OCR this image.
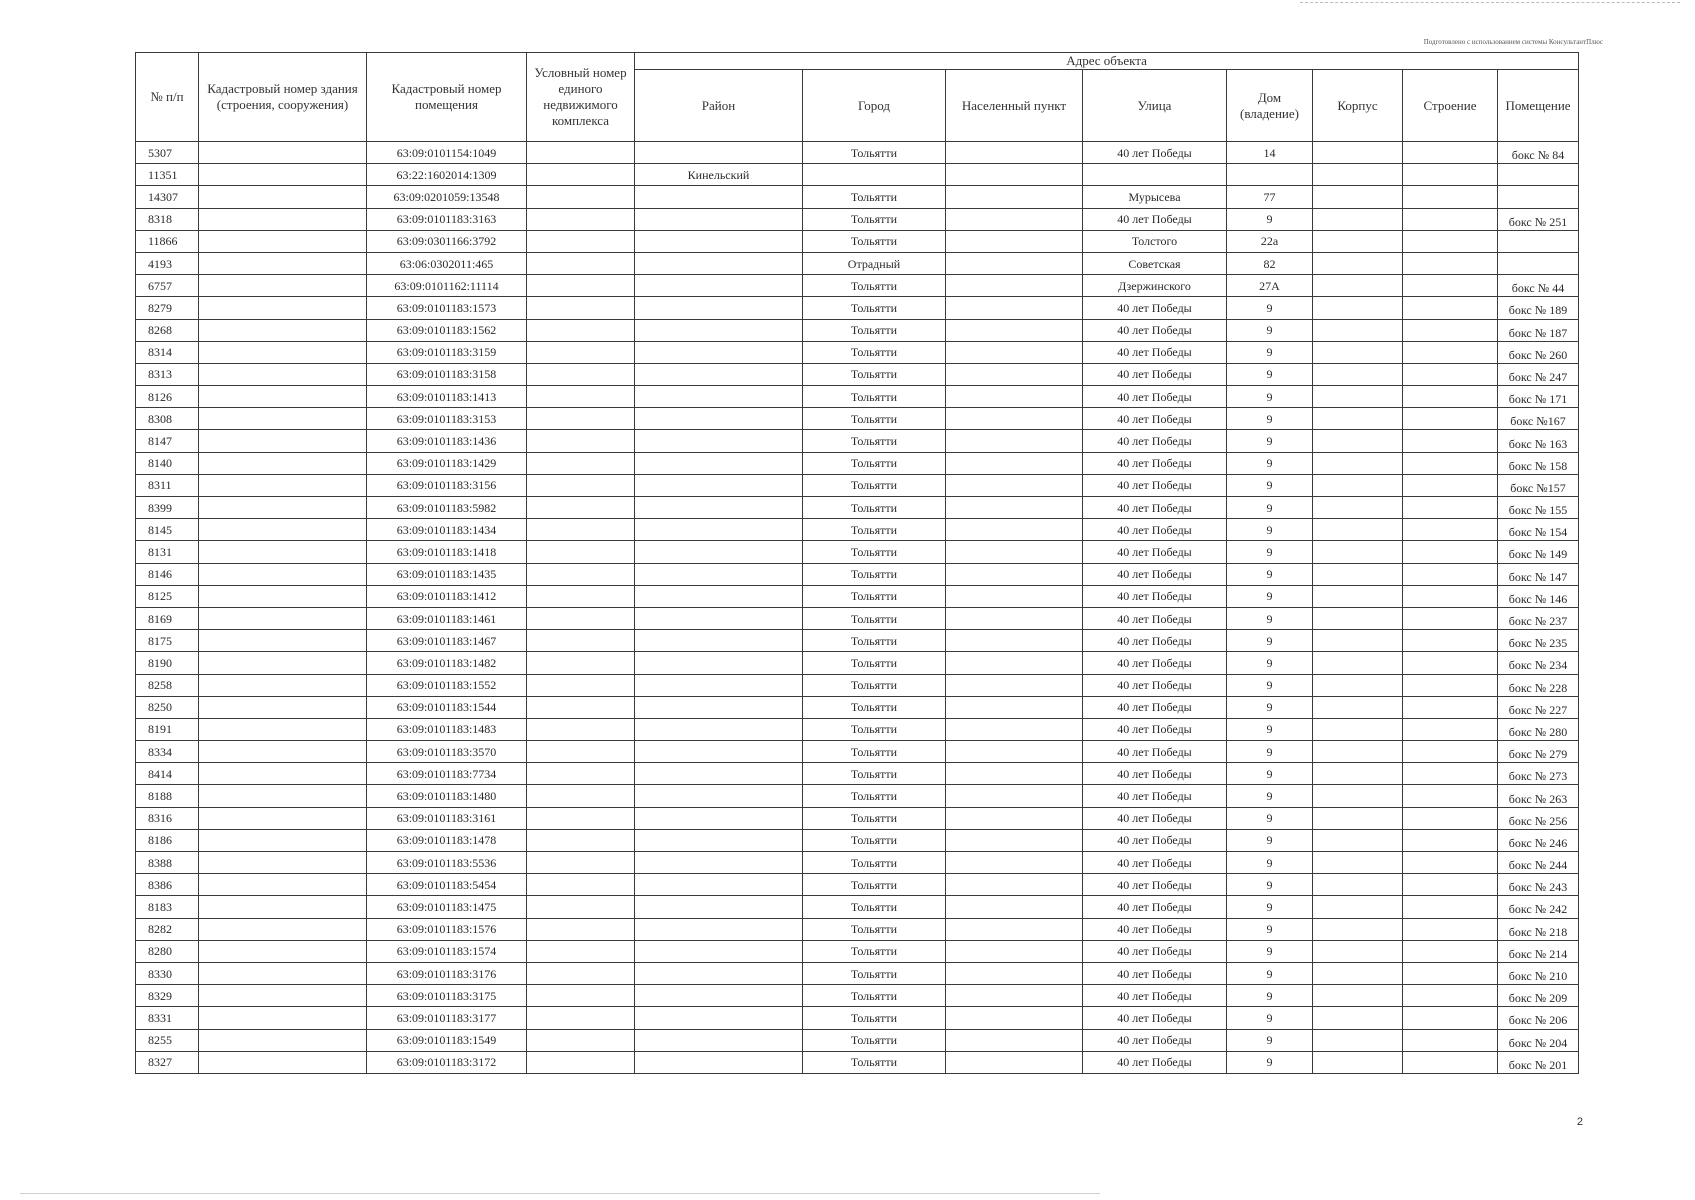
Подготовлено с использованием системы КонсультантПлюс
№ п/п	Кадастровый номер здания (строения, сооружения)	Кадастровый номер помещения	Условный номер единого недвижимого комплекса	Адрес объекта							
				Район	Город	Населенный пункт	Улица	Дом (владение)	Корпус	Строение	Помещение
5307		63:09:0101154:1049			Тольятти		40 лет Победы	14			бокс № 84
11351		63:22:1602014:1309		Кинельский							
14307		63:09:0201059:13548			Тольятти		Мурысева	77			
8318		63:09:0101183:3163			Тольятти		40 лет Победы	9			бокс № 251
11866		63:09:0301166:3792			Тольятти		Толстого	22а			
4193		63:06:0302011:465			Отрадный		Советская	82			
6757		63:09:0101162:11114			Тольятти		Дзержинского	27А			бокс № 44
8279		63:09:0101183:1573			Тольятти		40 лет Победы	9			бокс № 189
8268		63:09:0101183:1562			Тольятти		40 лет Победы	9			бокс № 187
8314		63:09:0101183:3159			Тольятти		40 лет Победы	9			бокс № 260
8313		63:09:0101183:3158			Тольятти		40 лет Победы	9			бокс № 247
8126		63:09:0101183:1413			Тольятти		40 лет Победы	9			бокс № 171
8308		63:09:0101183:3153			Тольятти		40 лет Победы	9			бокс №167
8147		63:09:0101183:1436			Тольятти		40 лет Победы	9			бокс № 163
8140		63:09:0101183:1429			Тольятти		40 лет Победы	9			бокс № 158
8311		63:09:0101183:3156			Тольятти		40 лет Победы	9			бокс №157
8399		63:09:0101183:5982			Тольятти		40 лет Победы	9			бокс № 155
8145		63:09:0101183:1434			Тольятти		40 лет Победы	9			бокс № 154
8131		63:09:0101183:1418			Тольятти		40 лет Победы	9			бокс № 149
8146		63:09:0101183:1435			Тольятти		40 лет Победы	9			бокс № 147
8125		63:09:0101183:1412			Тольятти		40 лет Победы	9			бокс № 146
8169		63:09:0101183:1461			Тольятти		40 лет Победы	9			бокс № 237
8175		63:09:0101183:1467			Тольятти		40 лет Победы	9			бокс № 235
8190		63:09:0101183:1482			Тольятти		40 лет Победы	9			бокс № 234
8258		63:09:0101183:1552			Тольятти		40 лет Победы	9			бокс № 228
8250		63:09:0101183:1544			Тольятти		40 лет Победы	9			бокс № 227
8191		63:09:0101183:1483			Тольятти		40 лет Победы	9			бокс № 280
8334		63:09:0101183:3570			Тольятти		40 лет Победы	9			бокс № 279
8414		63:09:0101183:7734			Тольятти		40 лет Победы	9			бокс № 273
8188		63:09:0101183:1480			Тольятти		40 лет Победы	9			бокс № 263
8316		63:09:0101183:3161			Тольятти		40 лет Победы	9			бокс № 256
8186		63:09:0101183:1478			Тольятти		40 лет Победы	9			бокс № 246
8388		63:09:0101183:5536			Тольятти		40 лет Победы	9			бокс № 244
8386		63:09:0101183:5454			Тольятти		40 лет Победы	9			бокс № 243
8183		63:09:0101183:1475			Тольятти		40 лет Победы	9			бокс № 242
8282		63:09:0101183:1576			Тольятти		40 лет Победы	9			бокс № 218
8280		63:09:0101183:1574			Тольятти		40 лет Победы	9			бокс № 214
8330		63:09:0101183:3176			Тольятти		40 лет Победы	9			бокс № 210
8329		63:09:0101183:3175			Тольятти		40 лет Победы	9			бокс № 209
8331		63:09:0101183:3177			Тольятти		40 лет Победы	9			бокс № 206
8255		63:09:0101183:1549			Тольятти		40 лет Победы	9			бокс № 204
8327		63:09:0101183:3172			Тольятти		40 лет Победы	9			бокс № 201
2
